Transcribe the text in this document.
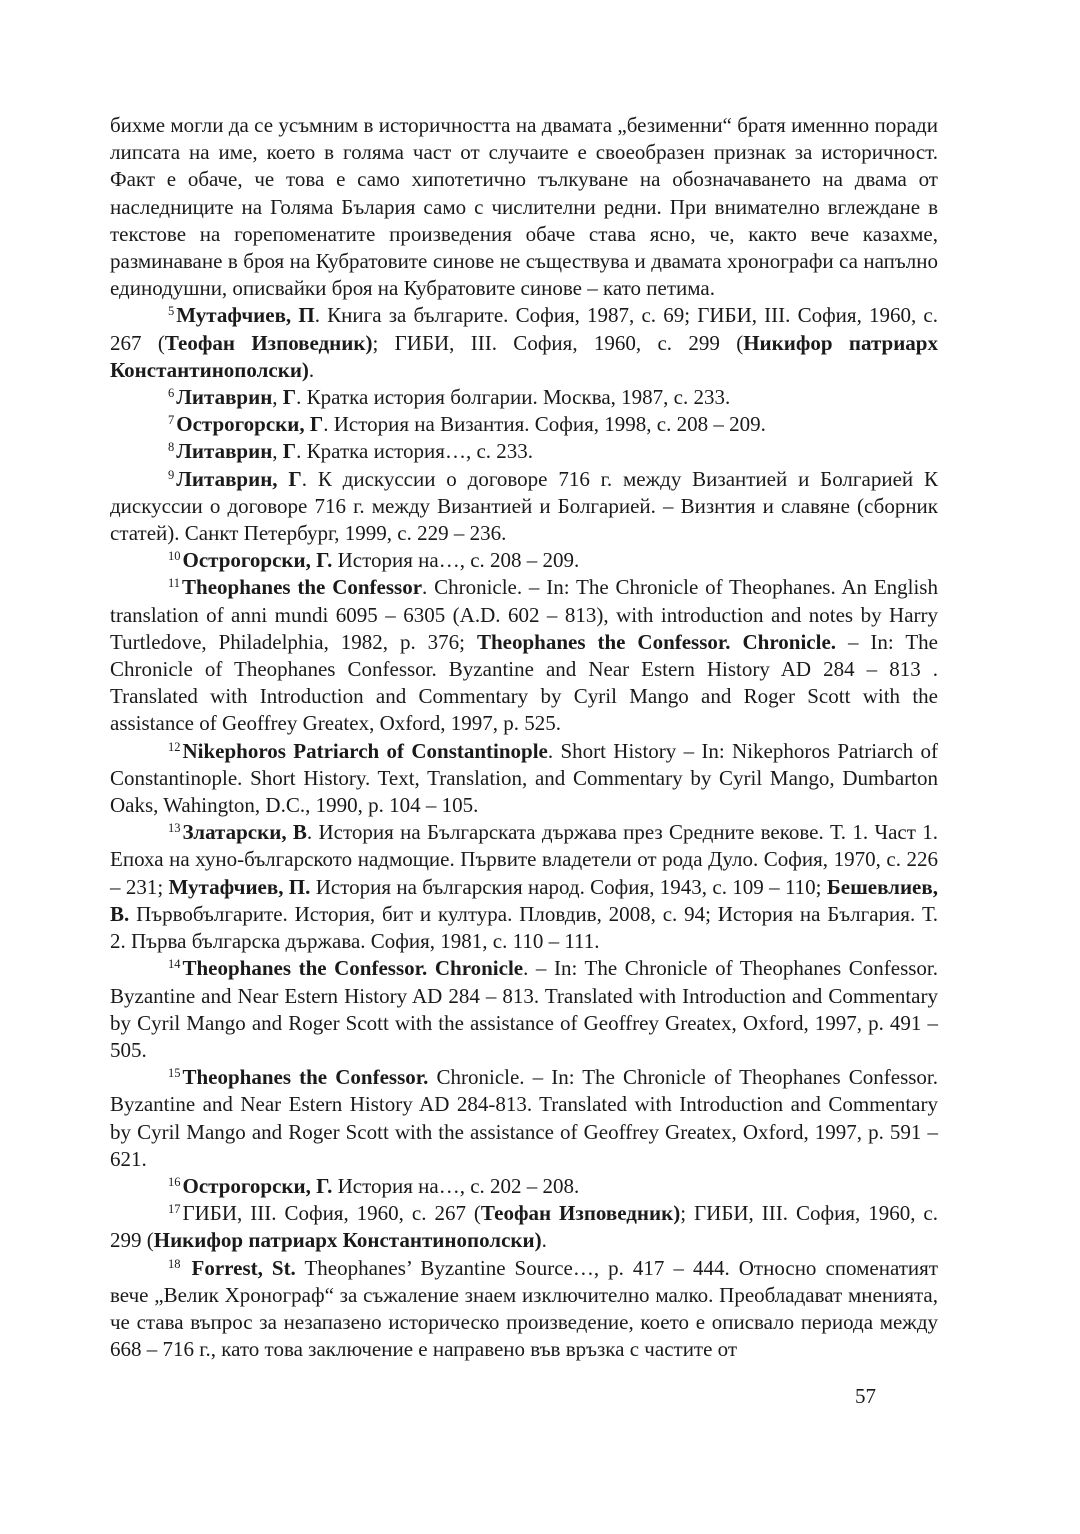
бихме могли да се усъмним в историчността на двамата „безименни“ братя именнно поради липсата на име, което в голяма част от случаите е своеобразен признак за историчност. Факт е обаче, че това е само хипотетично тълкуване на обозначаването на двама от наследниците на Голяма Бълария само с числителни редни. При внимателно вглеждане в текстове на горепоменатите произведения обаче става ясно, че, както вече казахме, разминаване в броя на Кубратовите синове не съществува и двамата хронографи са напълно единодушни, описвайки броя на Кубратовите синове – като петима.

$^5$Мутафчиев, П. Книга за българите. София, 1987, с. 69; ГИБИ, III. София, 1960, с. 267 (Теофан Изповедник); ГИБИ, III. София, 1960, с. 299 (Никифор патриарх Константинополски).

$^6$Литаврин, Г. Кратка история болгарии. Москва, 1987, с. 233.

$^7$Острогорски, Г. История на Византия. София, 1998, с. 208 – 209.

$^8$Литаврин, Г. Кратка история…, с. 233.

$^9$Литаврин, Г. К дискуссии о договоре 716 г. между Византией и Болгарией К дискуссии о договоре 716 г. между Византией и Болгарией. – Визнтия и славяне (сборник статей). Санкт Петербург, 1999, с. 229 – 236.

$^{10}$Острогорски, Г. История на…, с. 208 – 209.

$^{11}$Theophanes the Confessor. Chronicle. – In: The Chronicle of Theophanes. An English translation of anni mundi 6095 – 6305 (A.D. 602 – 813), with introduction and notes by Harry Turtledove, Philadelphia, 1982, p. 376; Theophanes the Confessor. Chronicle. – In: The Chronicle of Theophanes Confessor. Byzantine and Near Estern History AD 284 – 813 . Translated with Introduction and Commentary by Cyril Mango and Roger Scott with the assistance of Geoffrey Greatex, Oxford, 1997, p. 525.

$^{12}$Nikephoros Patriarch of Constantinople. Short History – In: Nikephoros Patriarch of Constantinople. Short History. Text, Translation, and Commentary by Cyril Mango, Dumbarton Oaks, Wahington, D.C., 1990, p. 104 – 105.

$^{13}$Златарски, В. История на Българската държава през Средните векове. Т. 1. Част 1. Епоха на хуно-българското надмощие. Първите владетели от рода Дуло. София, 1970, с. 226 – 231; Мутафчиев, П. История на българския народ. София, 1943, с. 109 – 110; Бешевлиев, В. Първобългарите. История, бит и култура. Пловдив, 2008, с. 94; История на България. Т. 2. Първа българска държава. София, 1981, с. 110 – 111.

$^{14}$Theophanes the Confessor. Chronicle. – In: The Chronicle of Theophanes Confessor. Byzantine and Near Estern History AD 284 – 813. Translated with Introduction and Commentary by Cyril Mango and Roger Scott with the assistance of Geoffrey Greatex, Oxford, 1997, p. 491 – 505.

$^{15}$Theophanes the Confessor. Chronicle. – In: The Chronicle of Theophanes Confessor. Byzantine and Near Estern History AD 284-813. Translated with Introduction and Commentary by Cyril Mango and Roger Scott with the assistance of Geoffrey Greatex, Oxford, 1997, p. 591 – 621.

$^{16}$Острогорски, Г. История на…, с. 202 – 208.

$^{17}$ГИБИ, III. София, 1960, с. 267 (Теофан Изповедник); ГИБИ, III. София, 1960, с. 299 (Никифор патриарх Константинополски).

$^{18}$ Forrest, St. Theophanes’ Byzantine Source…, p. 417 – 444. Относно споменатият вече „Велик Хронограф“ за съжаление знаем изключително малко. Преобладават мненията, че става въпрос за незапазено историческо произведение, което е описвало периода между 668 – 716 г., като това заключение е направено във връзка с частите от

57
